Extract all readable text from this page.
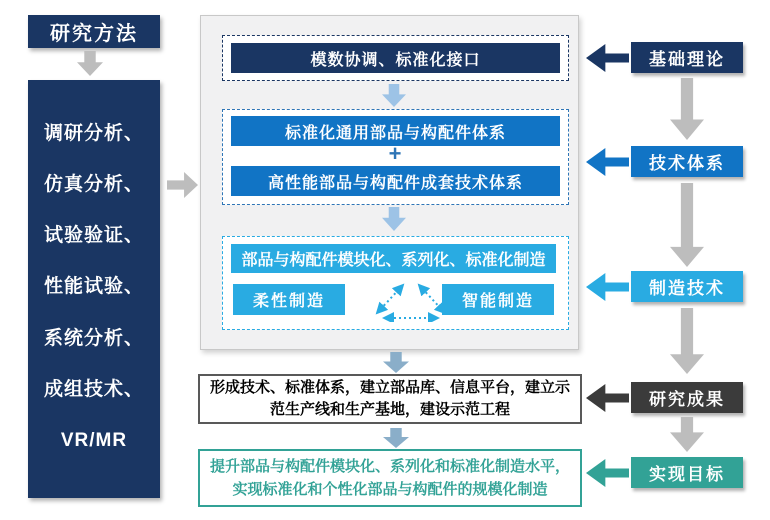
研究方法
调研分析、
仿真分析、
试验验证、
性能试验、
系统分析、
成组技术、
VR/MR
模数协调、标准化接口
标准化通用部品与构配件体系
+
高性能部品与构配件成套技术体系
部品与构配件模块化、系列化、标准化制造
柔性制造	智能制造
形成技术、标准体系，建立部品库、信息平台，建立示范生产线和生产基地，建设示范工程
提升部品与构配件模块化、系列化和标准化制造水平，实现标准化和个性化部品与构配件的规模化制造
基础理论
技术体系
制造技术
研究成果
实现目标
